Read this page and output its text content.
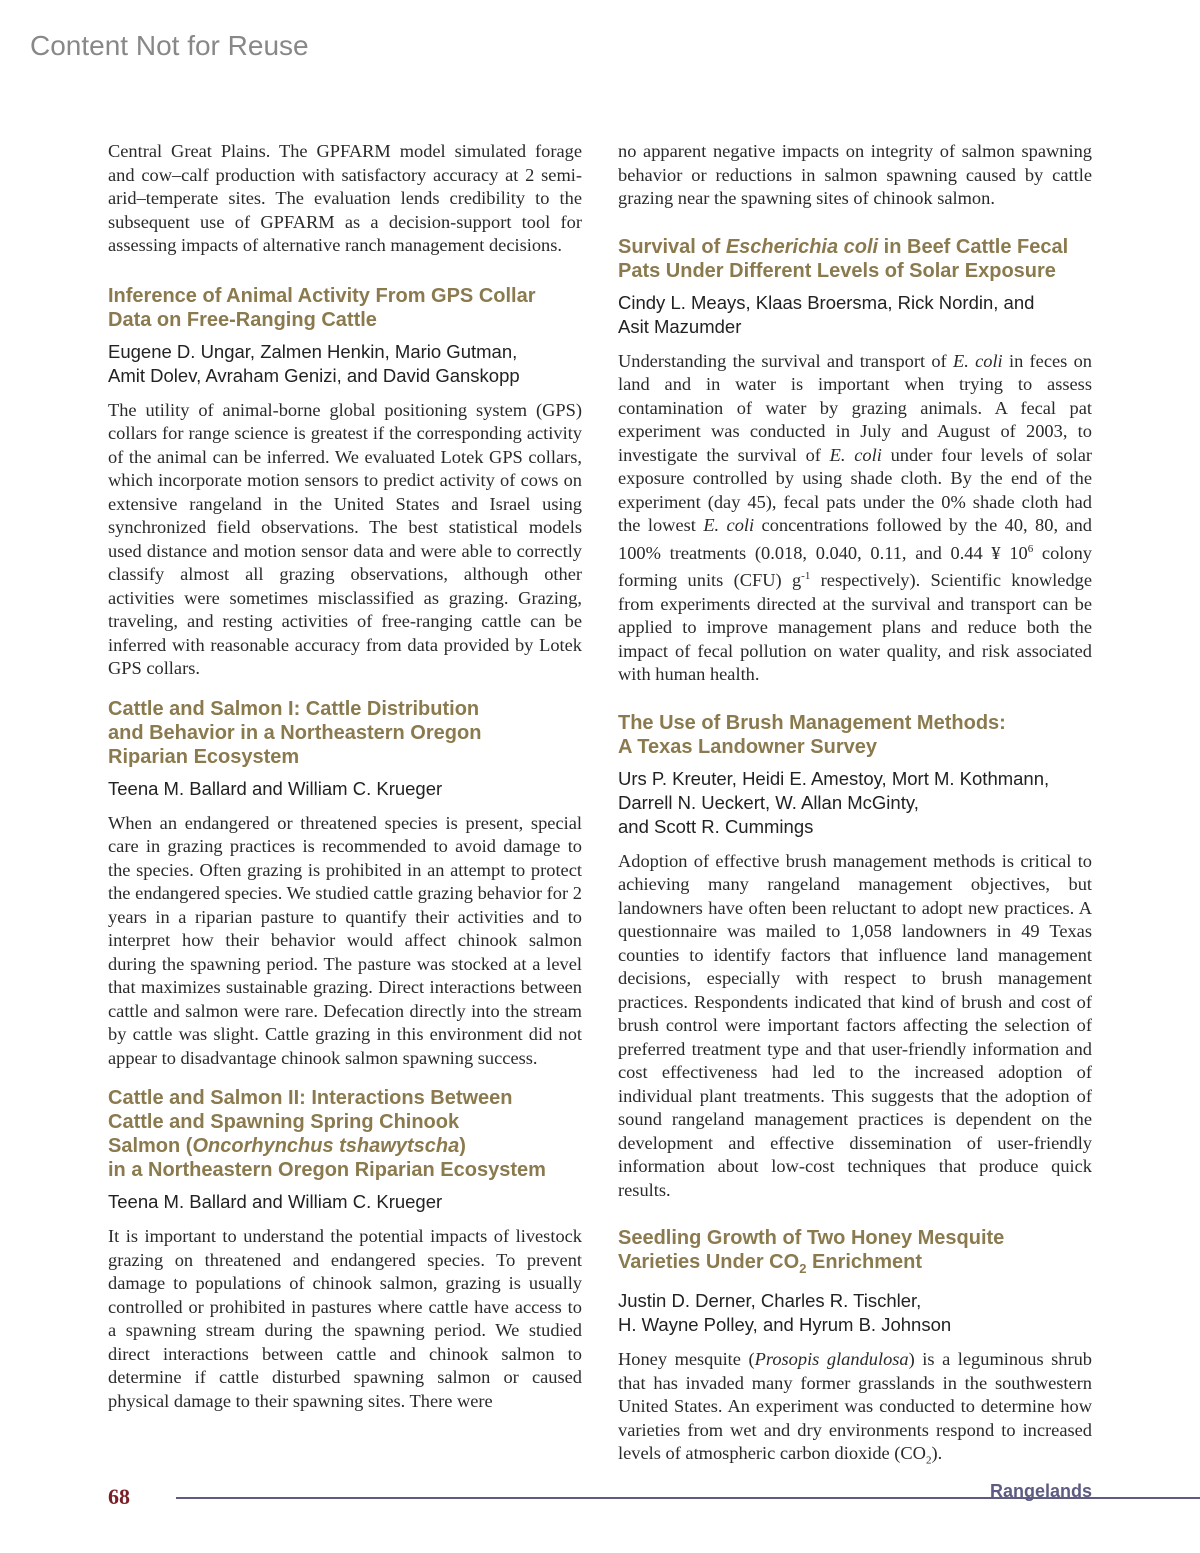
Content Not for Reuse

Central Great Plains. The GPFARM model simulated forage and cow–calf production with satisfactory accuracy at 2 semi-arid–temperate sites. The evaluation lends credibility to the subsequent use of GPFARM as a decision-support tool for assessing impacts of alternative ranch management decisions.

Inference of Animal Activity From GPS Collar Data on Free-Ranging Cattle
Eugene D. Ungar, Zalmen Henkin, Mario Gutman,
Amit Dolev, Avraham Genizi, and David Ganskopp

The utility of animal-borne global positioning system (GPS) collars for range science is greatest if the corresponding activity of the animal can be inferred. We evaluated Lotek GPS collars, which incorporate motion sensors to predict activity of cows on extensive rangeland in the United States and Israel using synchronized field observations. The best statistical models used distance and motion sensor data and were able to correctly classify almost all grazing observations, although other activities were sometimes misclassified as grazing. Grazing, traveling, and resting activities of free-ranging cattle can be inferred with reasonable accuracy from data provided by Lotek GPS collars.

Cattle and Salmon I: Cattle Distribution
and Behavior in a Northeastern Oregon
Riparian Ecosystem
Teena M. Ballard and William C. Krueger

When an endangered or threatened species is present, special care in grazing practices is recommended to avoid damage to the species. Often grazing is prohibited in an attempt to protect the endangered species. We studied cattle grazing behavior for 2 years in a riparian pasture to quantify their activities and to interpret how their behavior would affect chinook salmon during the spawning period. The pasture was stocked at a level that maximizes sustainable grazing. Direct interactions between cattle and salmon were rare. Defecation directly into the stream by cattle was slight. Cattle grazing in this environment did not appear to disadvantage chinook salmon spawning success.

Cattle and Salmon II: Interactions Between
Cattle and Spawning Spring Chinook
Salmon (Oncorhynchus tshawytscha)
in a Northeastern Oregon Riparian Ecosystem
Teena M. Ballard and William C. Krueger

It is important to understand the potential impacts of livestock grazing on threatened and endangered species. To prevent damage to populations of chinook salmon, grazing is usually controlled or prohibited in pastures where cattle have access to a spawning stream during the spawning period. We studied direct interactions between cattle and chinook salmon to determine if cattle disturbed spawning salmon or caused physical damage to their spawning sites. There were

no apparent negative impacts on integrity of salmon spawning behavior or reductions in salmon spawning caused by cattle grazing near the spawning sites of chinook salmon.

Survival of Escherichia coli in Beef Cattle Fecal Pats Under Different Levels of Solar Exposure
Cindy L. Meays, Klaas Broersma, Rick Nordin, and
Asit Mazumder

Understanding the survival and transport of E. coli in feces on land and in water is important when trying to assess contamination of water by grazing animals. A fecal pat experiment was conducted in July and August of 2003, to investigate the survival of E. coli under four levels of solar exposure controlled by using shade cloth. By the end of the experiment (day 45), fecal pats under the 0% shade cloth had the lowest E. coli concentrations followed by the 40, 80, and 100% treatments (0.018, 0.040, 0.11, and 0.44 ¥ $10^6$ colony forming units (CFU) $g^{-1}$ respectively). Scientific knowledge from experiments directed at the survival and transport can be applied to improve management plans and reduce both the impact of fecal pollution on water quality, and risk associated with human health.

The Use of Brush Management Methods:
A Texas Landowner Survey
Urs P. Kreuter, Heidi E. Amestoy, Mort M. Kothmann,
Darrell N. Ueckert, W. Allan McGinty,
and Scott R. Cummings

Adoption of effective brush management methods is critical to achieving many rangeland management objectives, but landowners have often been reluctant to adopt new practices. A questionnaire was mailed to 1,058 landowners in 49 Texas counties to identify factors that influence land management decisions, especially with respect to brush management practices. Respondents indicated that kind of brush and cost of brush control were important factors affecting the selection of preferred treatment type and that user-friendly information and cost effectiveness had led to the increased adoption of individual plant treatments. This suggests that the adoption of sound rangeland management practices is dependent on the development and effective dissemination of user-friendly information about low-cost techniques that produce quick results.

Seedling Growth of Two Honey Mesquite
Varieties Under $CO_2$ Enrichment
Justin D. Derner, Charles R. Tischler,
H. Wayne Polley, and Hyrum B. Johnson

Honey mesquite (Prosopis glandulosa) is a leguminous shrub that has invaded many former grasslands in the southwestern United States. An experiment was conducted to determine how varieties from wet and dry environments respond to increased levels of atmospheric carbon dioxide $(CO_2)$.

68	Rangelands
